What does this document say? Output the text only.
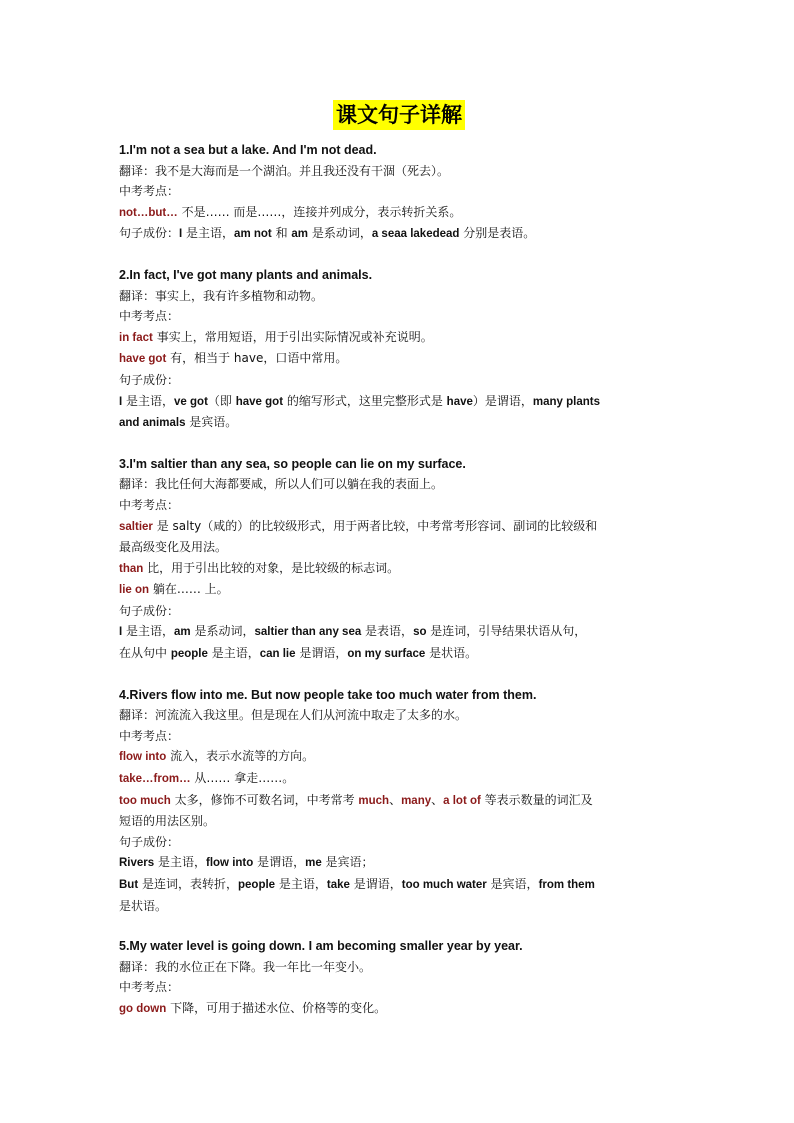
课文句子详解
1.I'm not a sea but a lake. And I'm not dead.
翻译：我不是大海而是一个湖泊。并且我还没有干涸（死去）。
中考考点：
not…but… 不是…… 而是……，连接并列成分，表示转折关系。
句子成份：I 是主语，am not 和 am 是系动词，a seaa lakedead 分别是表语。
2.In fact, I've got many plants and animals.
翻译：事实上，我有许多植物和动物。
中考考点：
in fact 事实上，常用短语，用于引出实际情况或补充说明。
have got 有，相当于 have，口语中常用。
句子成份：
I 是主语，ve got（即 have got 的缩写形式，这里完整形式是 have）是谓语，many plants
and animals 是宾语。
3.I'm saltier than any sea, so people can lie on my surface.
翻译：我比任何大海都要咸，所以人们可以躺在我的表面上。
中考考点：
saltier 是 salty（咸的）的比较级形式，用于两者比较，中考常考形容词、副词的比较级和
最高级变化及用法。
than 比，用于引出比较的对象，是比较级的标志词。
lie on 躺在…… 上。
句子成份：
I 是主语，am 是系动词，saltier than any sea 是表语，so 是连词，引导结果状语从句，
在从句中 people 是主语，can lie 是谓语，on my surface 是状语。
4.Rivers flow into me. But now people take too much water from them.
翻译：河流流入我这里。但是现在人们从河流中取走了太多的水。
中考考点：
flow into 流入，表示水流等的方向。
take…from… 从…… 拿走……。
too much 太多，修饰不可数名词，中考常考 much、many、a lot of 等表示数量的词汇及
短语的用法区别。
句子成份：
Rivers 是主语，flow into 是谓语，me 是宾语；
But 是连词，表转折，people 是主语，take 是谓语，too much water 是宾语，from them
是状语。
5.My water level is going down. I am becoming smaller year by year.
翻译：我的水位正在下降。我一年比一年变小。
中考考点：
go down 下降，可用于描述水位、价格等的变化。
